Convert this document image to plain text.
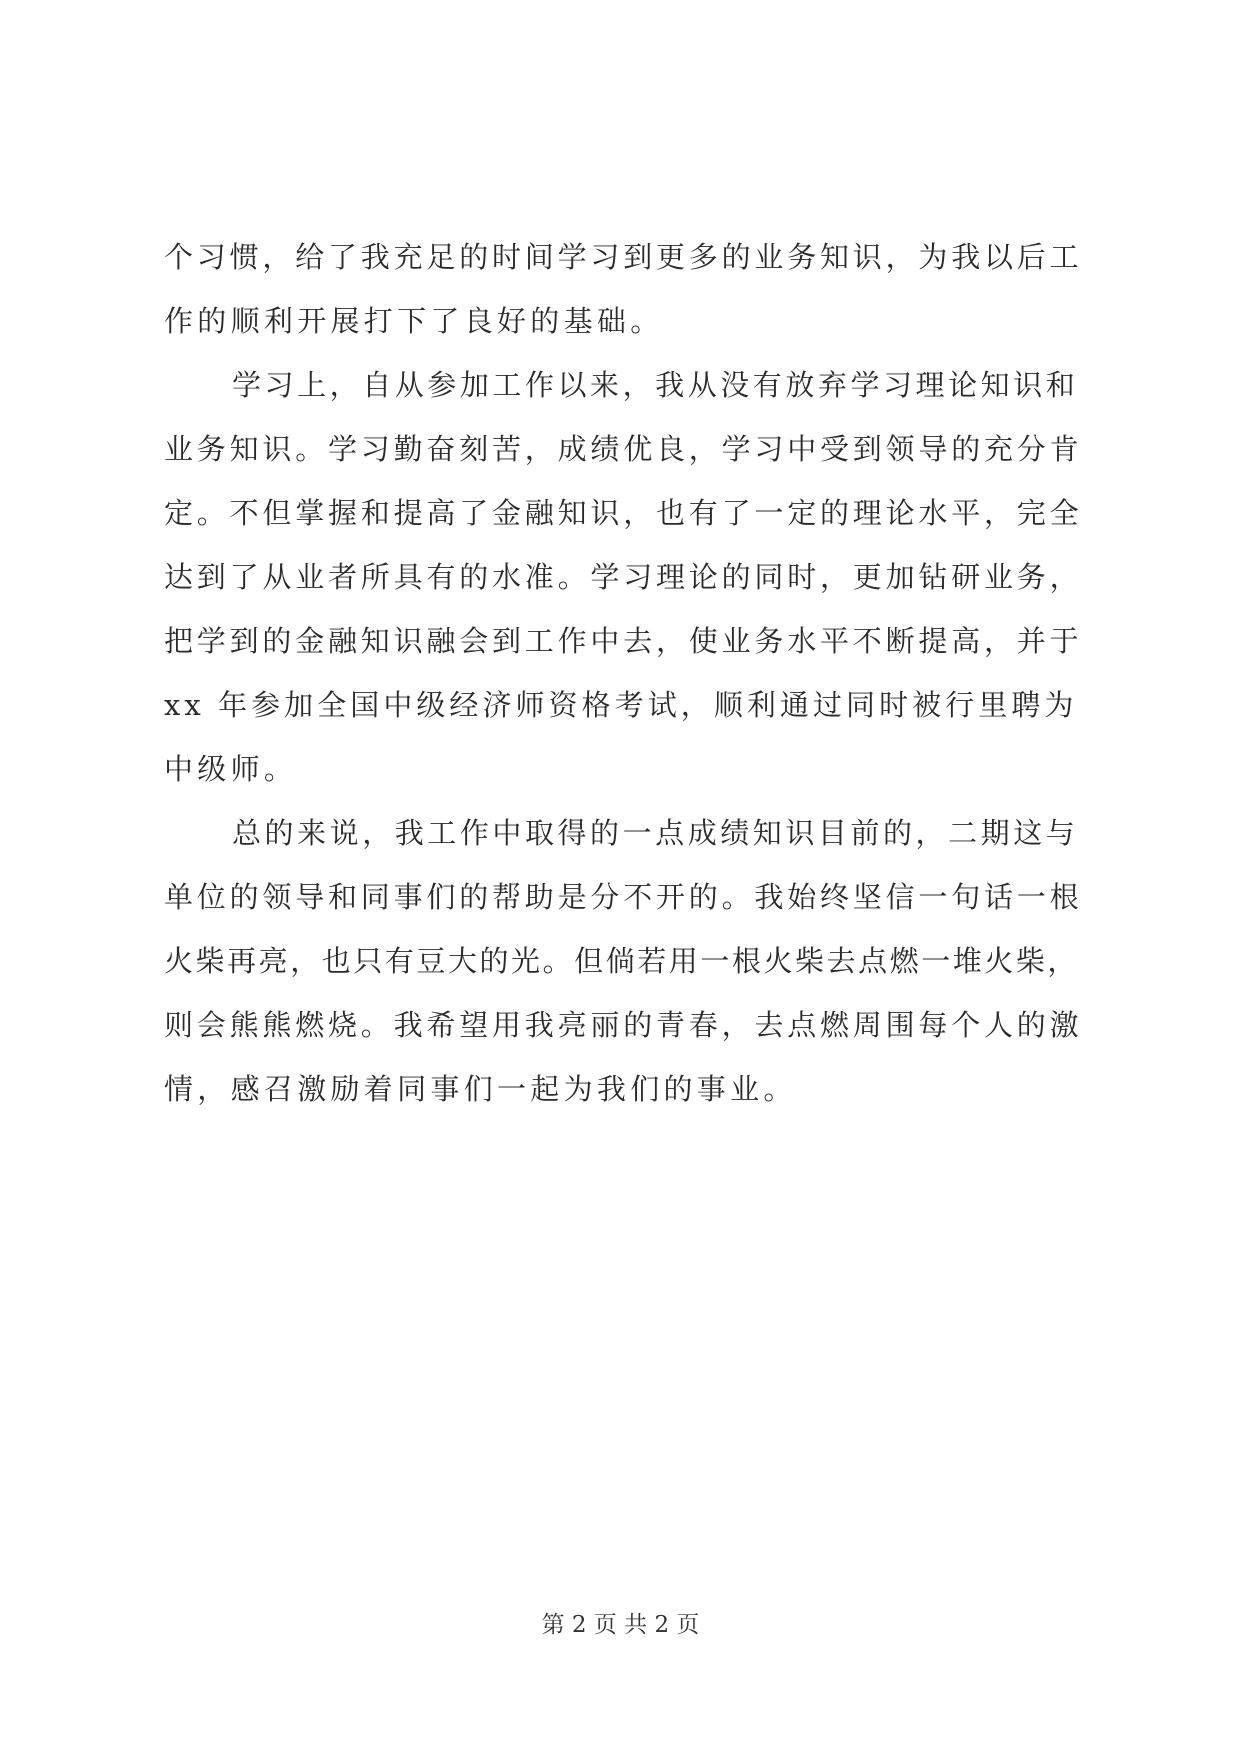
个习惯，给了我充足的时间学习到更多的业务知识，为我以后工
作的顺利开展打下了良好的基础。
学习上，自从参加工作以来，我从没有放弃学习理论知识和
业务知识。学习勤奋刻苦，成绩优良，学习中受到领导的充分肯
定。不但掌握和提高了金融知识，也有了一定的理论水平，完全
达到了从业者所具有的水准。学习理论的同时，更加钻研业务，
把学到的金融知识融会到工作中去，使业务水平不断提高，并于
xx 年参加全国中级经济师资格考试，顺利通过同时被行里聘为
中级师。
总的来说，我工作中取得的一点成绩知识目前的，二期这与
单位的领导和同事们的帮助是分不开的。我始终坚信一句话一根
火柴再亮，也只有豆大的光。但倘若用一根火柴去点燃一堆火柴，
则会熊熊燃烧。我希望用我亮丽的青春，去点燃周围每个人的激
情，感召激励着同事们一起为我们的事业。
第 2 页 共 2 页
